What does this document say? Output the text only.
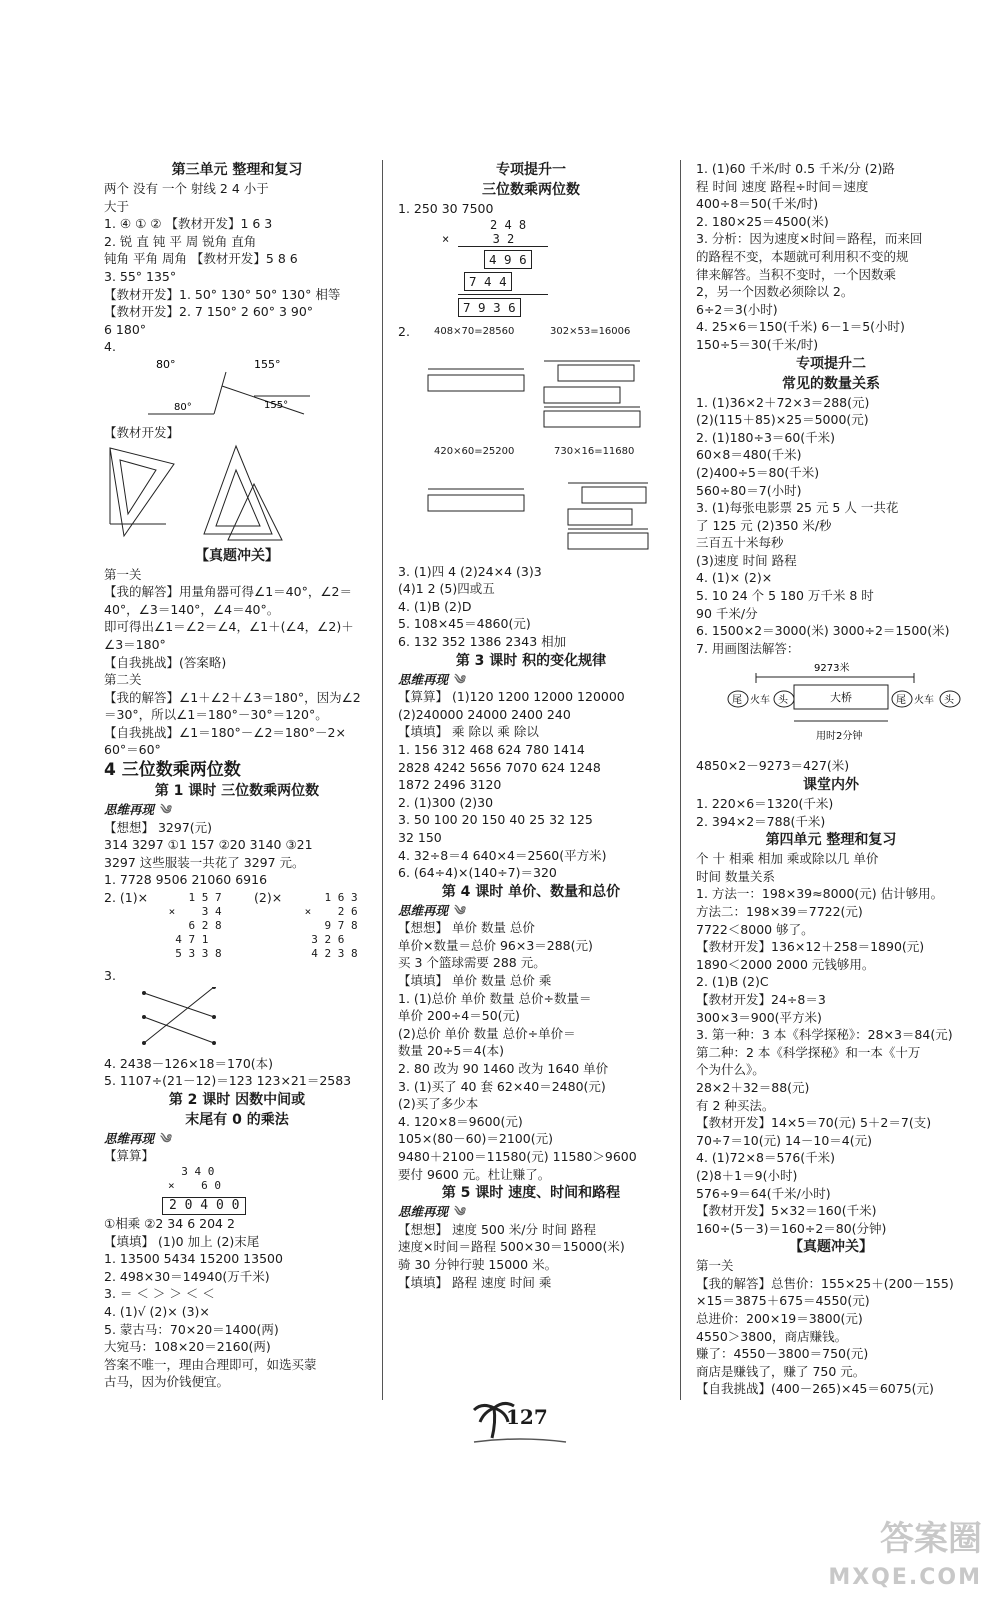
第三单元 整理和复习
两个 没有 一个 射线 2 4 小于
大于
1. ④ ① ② 【教材开发】1 6 3
2. 锐 直 钝 平 周 锐角 直角
钝角 平角 周角 【教材开发】5 8 6
3. 55° 135°
【教材开发】1. 50° 130° 50° 130° 相等
【教材开发】2. 7 150° 2 60° 3 90°
6 180°
4.
80°	155°
80°	155°
【教材开发】
【真题冲关】
第一关
【我的解答】用量角器可得∠1＝40°，∠2＝
40°，∠3＝140°，∠4＝40°。
即可得出∠1＝∠2＝∠4，∠1＋(∠4，∠2)＋
∠3＝180°
【自我挑战】(答案略)
第二关
【我的解答】∠1＋∠2＋∠3＝180°，因为∠2
＝30°，所以∠1＝180°－30°＝120°。
【自我挑战】∠1＝180°－∠2＝180°－2×
60°＝60°
4 三位数乘两位数
第 1 课时 三位数乘两位数
思维再现 ༄
【想想】 3297(元)
314 3297 ①1 157 ②20 3140 ③21
3297 这些服装一共花了 3297 元。
1. 7728 9506 21060 6916
2. (1)×	1 5 7
×    3 4
6 2 8
4 7 1
5 3 3 8
(2)×	1 6 3
×    2 6
9 7 8
3 2 6
4 2 3 8
3.
4. 2438－126×18＝170(本)
5. 1107÷(21－12)＝123 123×21＝2583
第 2 课时 因数中间或
末尾有 0 的乘法
思维再现 ༄
【算算】
3 4 0
×    6 0
2 0 4 0 0
①相乘 ②2 34 6 204 2
【填填】 (1)0 加上 (2)末尾
1. 13500 5434 15200 13500
2. 498×30＝14940(万千米)
3. ＝ ＜ ＞ ＞ ＜ ＜
4. (1)√ (2)× (3)×
5. 蒙古马：70×20＝1400(两)
大宛马：108×20＝2160(两)
答案不唯一，理由合理即可，如选买蒙
古马，因为价钱便宜。
专项提升一
三位数乘两位数
1. 250 30 7500
2 4 8
×      3 2
4 9 6
7 4 4
7 9 3 6
2. 408×70=28560	302×53=16006
420×60=25200	730×16=11680
3. (1)四 4 (2)24×4 (3)3
(4)1 2 (5)四或五
4. (1)B (2)D
5. 108×45＝4860(元)
6. 132 352 1386 2343 相加
第 3 课时 积的变化规律
思维再现 ༄
【算算】 (1)120 1200 12000 120000
(2)240000 24000 2400 240
【填填】 乘 除以 乘 除以
1. 156 312 468 624 780 1414
2828 4242 5656 7070 624 1248
1872 2496 3120
2. (1)300 (2)30
3. 50 100 20 150 40 25 32 125
32 150
4. 32÷8＝4 640×4＝2560(平方米)
6. (64÷4)×(140÷7)＝320
第 4 课时 单价、数量和总价
思维再现 ༄
【想想】 单价 数量 总价
单价×数量＝总价 96×3＝288(元)
买 3 个篮球需要 288 元。
【填填】 单价 数量 总价 乘
1. (1)总价 单价 数量 总价÷数量＝
单价 200÷4＝50(元)
(2)总价 单价 数量 总价÷单价＝
数量 20÷5＝4(本)
2. 80 改为 90 1460 改为 1640 单价
3. (1)买了 40 套 62×40＝2480(元)
(2)买了多少本
4. 120×8＝9600(元)
105×(80－60)＝2100(元)
9480＋2100＝11580(元) 11580＞9600
要付 9600 元。杜让赚了。
第 5 课时 速度、时间和路程
思维再现 ༄
【想想】 速度 500 米/分 时间 路程
速度×时间＝路程 500×30＝15000(米)
骑 30 分钟行驶 15000 米。
【填填】 路程 速度 时间 乘
1. (1)60 千米/时 0.5 千米/分 (2)路
程 时间 速度 路程÷时间＝速度
400÷8＝50(千米/时)
2. 180×25＝4500(米)
3. 分析：因为速度×时间＝路程，而来回
的路程不变，本题就可利用积不变的规
律来解答。当积不变时，一个因数乘
2，另一个因数必须除以 2。
6÷2＝3(小时)
4. 25×6＝150(千米) 6－1＝5(小时)
150÷5＝30(千米/时)
专项提升二
常见的数量关系
1. (1)36×2＋72×3＝288(元)
(2)(115＋85)×25＝5000(元)
2. (1)180÷3＝60(千米)
60×8＝480(千米)
(2)400÷5＝80(千米)
560÷80＝7(小时)
3. (1)每张电影票 25 元 5 人 一共花
了 125 元 (2)350 米/秒
三百五十米每秒
(3)速度 时间 路程
4. (1)× (2)×
5. 10 24 个 5 180 万千米 8 时
90 千米/分
6. 1500×2＝3000(米) 3000÷2＝1500(米)
7. 用画图法解答：
9273米
大桥
尾 火车 头	尾 火车 头
用时2分钟
4850×2－9273＝427(米)
课堂内外
1. 220×6＝1320(千米)
2. 394×2＝788(千米)
第四单元 整理和复习
个 十 相乘 相加 乘或除以几 单价
时间 数量关系
1. 方法一：198×39≈8000(元) 估计够用。
方法二：198×39＝7722(元)
7722＜8000 够了。
【教材开发】136×12＋258＝1890(元)
1890＜2000 2000 元钱够用。
2. (1)B (2)C
【教材开发】24÷8＝3
300×3＝900(平方米)
3. 第一种：3 本《科学探秘》：28×3＝84(元)
第二种：2 本《科学探秘》和一本《十万
个为什么》。
28×2＋32＝88(元)
有 2 种买法。
【教材开发】14×5＝70(元) 5＋2＝7(支)
70÷7＝10(元) 14－10＝4(元)
4. (1)72×8＝576(千米)
(2)8＋1＝9(小时)
576÷9＝64(千米/小时)
【教材开发】5×32＝160(千米)
160÷(5－3)＝160÷2＝80(分钟)
【真题冲关】
第一关
【我的解答】总售价：155×25＋(200－155)
×15＝3875＋675＝4550(元)
总进价：200×19＝3800(元)
4550＞3800，商店赚钱。
赚了：4550－3800＝750(元)
商店是赚钱了，赚了 750 元。
【自我挑战】(400－265)×45＝6075(元)
127
答案圈
MXQE.COM
